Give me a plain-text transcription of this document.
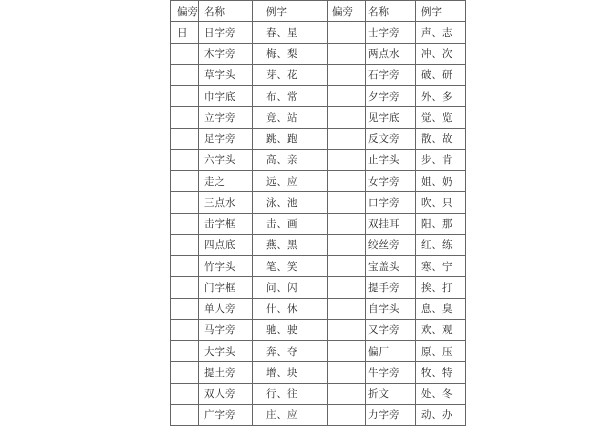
偏旁	名称	例字	偏旁	名称	例字
日	日字旁	春、星		士字旁	声、志
	木字旁	梅、梨		两点水	冲、次
	草字头	芽、花		石字旁	破、研
	巾字底	布、常		夕字旁	外、多
	立字旁	竟、站		见字底	觉、览
	足字旁	跳、跑		反文旁	散、故
	六字头	高、亲		止字头	步、肯
	走之	远、应		女字旁	姐、奶
	三点水	泳、池		口字旁	吹、只
	击字框	击、画		双挂耳	阳、那
	四点底	燕、黑		绞丝旁	红、练
	竹字头	笔、笑		宝盖头	寒、宁
	门字框	问、闪		提手旁	挨、打
	单人旁	什、休		自字头	息、臭
	马字旁	驰、驶		又字旁	欢、观
	大字头	奔、夺		偏厂	原、压
	提土旁	增、块		牛字旁	牧、特
	双人旁	行、往		折文	处、冬
	广字旁	庄、应		力字旁	动、办
